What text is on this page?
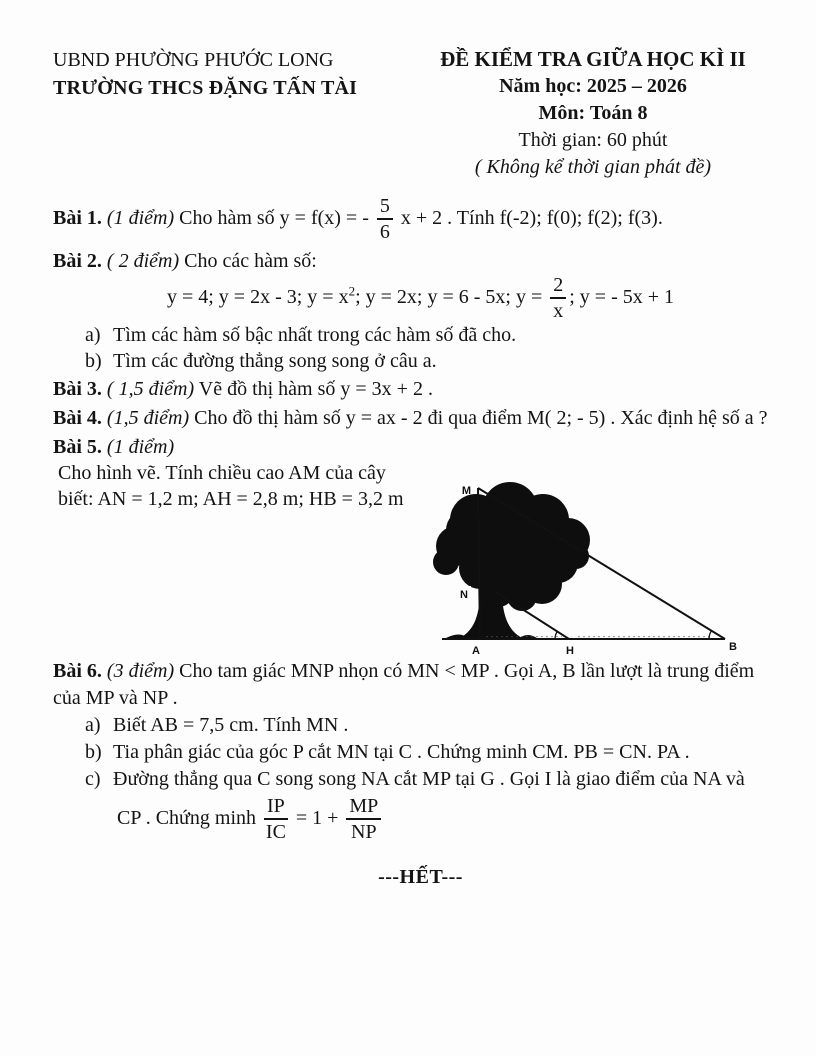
UBND PHƯỜNG PHƯỚC LONG
TRƯỜNG THCS ĐẶNG TẤN TÀI
ĐỀ KIỂM TRA GIỮA HỌC KÌ II
Năm học: 2025 – 2026
Môn: Toán 8
Thời gian: 60 phút
( Không kể thời gian phát đề)
Bài 1. (1 điểm) Cho hàm số y = f(x) = - $\frac{5}{6}$ x + 2 . Tính f(-2); f(0); f(2); f(3).
Bài 2. ( 2 điểm) Cho các hàm số:
y = 4; y = 2x - 3; $y = x^2$; y = 2x; y = 6 - 5x; $y = \frac{2}{x}$ ; y = - 5x + 1
a) Tìm các hàm số bậc nhất trong các hàm số đã cho.
b) Tìm các đường thẳng song song ở câu a.
Bài 3. ( 1,5 điểm) Vẽ đồ thị hàm số y = 3x + 2 .
Bài 4. (1,5 điểm) Cho đồ thị hàm số y = ax - 2 đi qua điểm M( 2; - 5) . Xác định hệ số a ?
Bài 5. (1 điểm)
Cho hình vẽ. Tính chiều cao AM của cây
biết: AN = 1,2 m; AH = 2,8 m; HB = 3,2 m
Bài 6. (3 điểm) Cho tam giác MNP nhọn có MN < MP . Gọi A, B lần lượt là trung điểm
của MP và NP .
a) Biết AB = 7,5 cm. Tính MN .
b) Tia phân giác của góc P cắt MN tại C . Chứng minh CM. PB = CN. PA .
c) Đường thẳng qua C song song NA cắt MP tại G . Gọi I là giao điểm của NA và
CP . Chứng minh $\frac{IP}{IC} = 1 + \frac{MP}{NP}$
---HẾT---
M
N
A	H	B
